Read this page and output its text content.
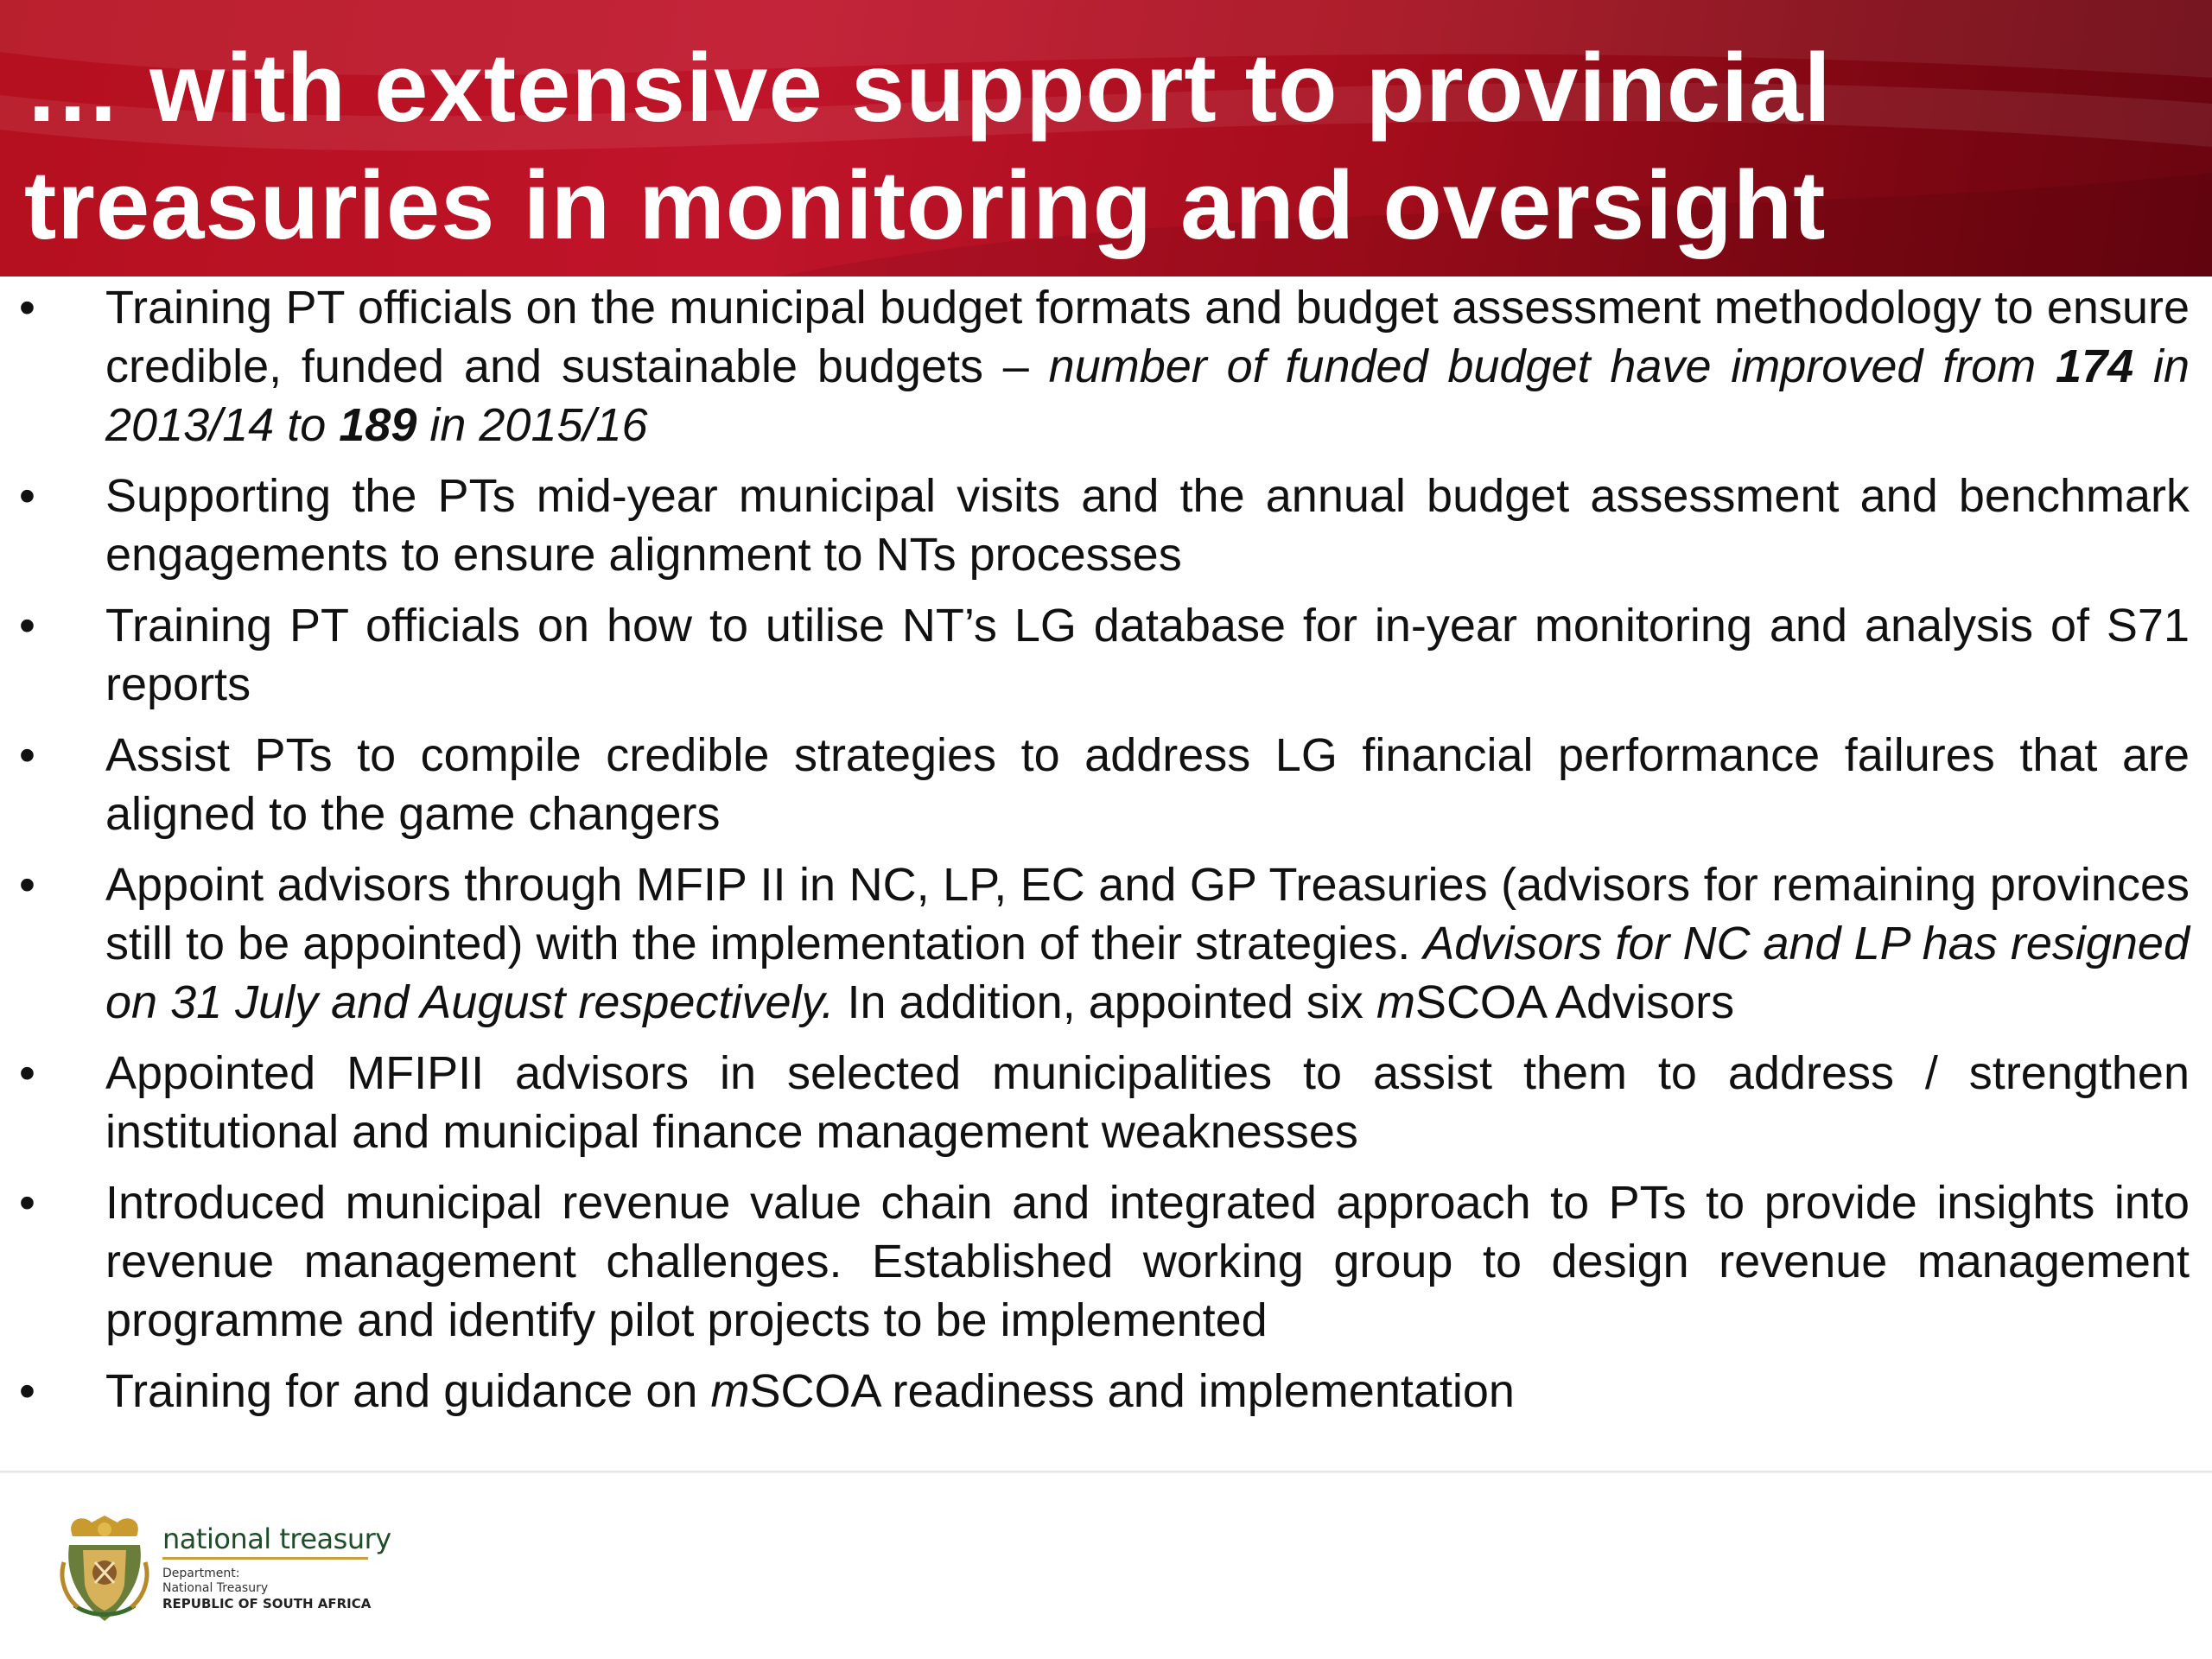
… with extensive support to provincial
treasuries in monitoring and oversight
• Training PT officials on the municipal budget formats and budget assessment methodology to ensure credible, funded and sustainable budgets – number of funded budget have improved from 174 in 2013/14 to 189 in 2015/16
• Supporting the PTs mid-year municipal visits and the annual budget assessment and benchmark engagements to ensure alignment to NTs processes
• Training PT officials on how to utilise NT’s LG database for in-year monitoring and analysis of S71 reports
• Assist PTs to compile credible strategies to address LG financial performance failures that are aligned to the game changers
• Appoint advisors through MFIP II in NC, LP, EC and GP Treasuries (advisors for remaining provinces still to be appointed) with the implementation of their strategies. Advisors for NC and LP has resigned on 31 July and August respectively. In addition, appointed six mSCOA Advisors
• Appointed MFIPII advisors in selected municipalities to assist them to address / strengthen institutional and municipal finance management weaknesses
• Introduced municipal revenue value chain and integrated approach to PTs to provide insights into revenue management challenges. Established working group to design revenue management programme and identify pilot projects to be implemented
• Training for and guidance on mSCOA readiness and implementation
national treasury
Department:
National Treasury
REPUBLIC OF SOUTH AFRICA
